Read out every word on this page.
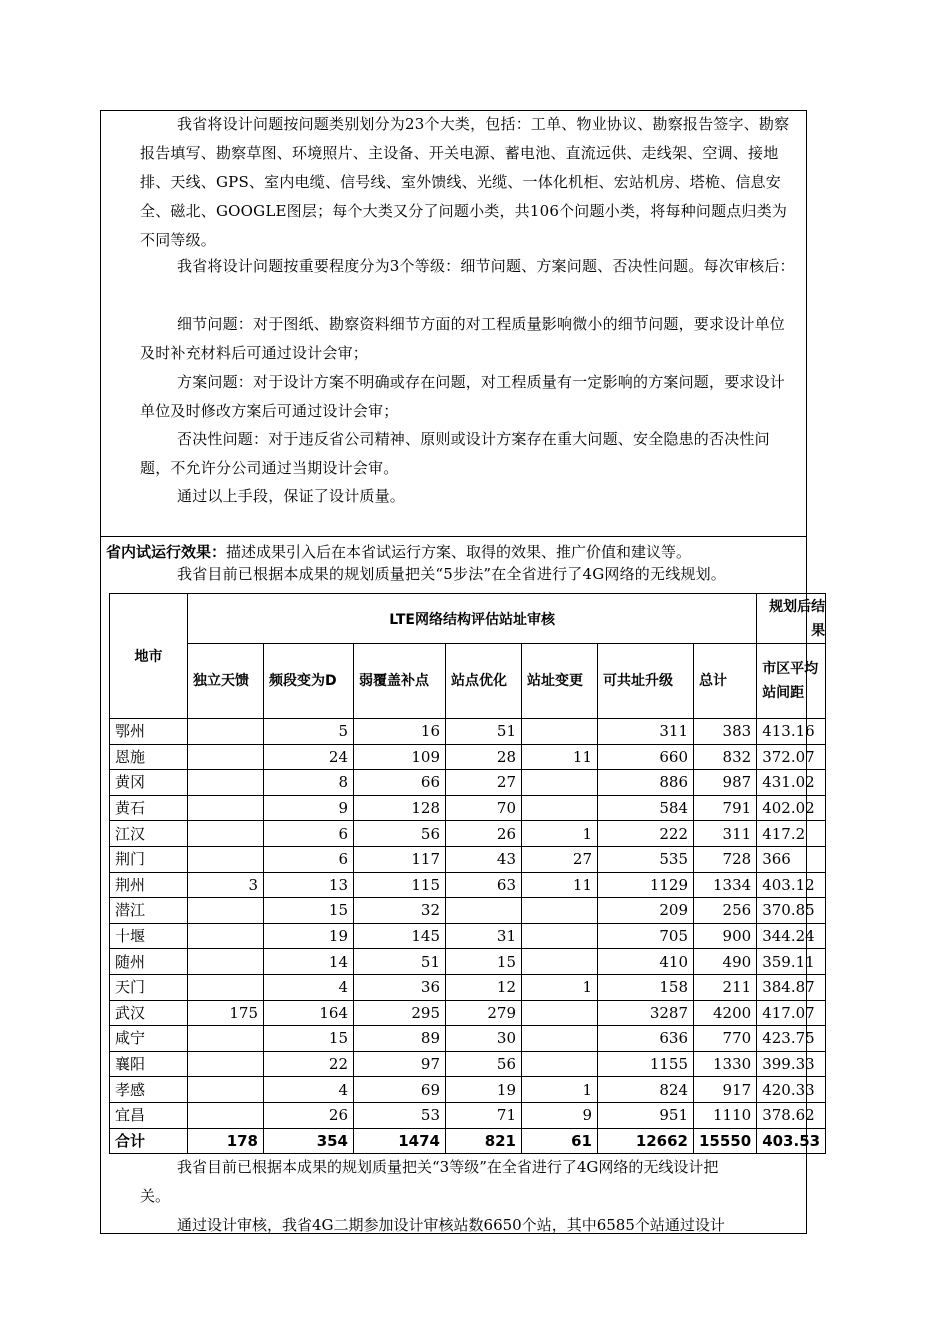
我省将设计问题按问题类别划分为23个大类，包括：工单、物业协议、勘察报告签字、勘察报告填写、勘察草图、环境照片、主设备、开关电源、蓄电池、直流远供、走线架、空调、接地排、天线、GPS、室内电缆、信号线、室外馈线、光缆、一体化机柜、宏站机房、塔桅、信息安全、磁北、GOOGLE图层；每个大类又分了问题小类，共106个问题小类，将每种问题点归类为不同等级。

我省将设计问题按重要程度分为3个等级：细节问题、方案问题、否决性问题。每次审核后：

细节问题：对于图纸、勘察资料细节方面的对工程质量影响微小的细节问题，要求设计单位及时补充材料后可通过设计会审；

方案问题：对于设计方案不明确或存在问题，对工程质量有一定影响的方案问题，要求设计单位及时修改方案后可通过设计会审；

否决性问题：对于违反省公司精神、原则或设计方案存在重大问题、安全隐患的否决性问题，不允许分公司通过当期设计会审。

通过以上手段，保证了设计质量。

省内试运行效果：描述成果引入后在本省试运行方案、取得的效果、推广价值和建议等。

我省目前已根据本成果的规划质量把关“5步法”在全省进行了4G网络的无线规划。

地市	LTE网络结构评估站址审核							规划后结果
	独立天馈	频段变为D	弱覆盖补点	站点优化	站址变更	可共址升级	总计	市区平均站间距
鄂州		5	16	51		311	383	413.16
恩施		24	109	28	11	660	832	372.07
黄冈		8	66	27		886	987	431.02
黄石		9	128	70		584	791	402.02
江汉		6	56	26	1	222	311	417.2
荆门		6	117	43	27	535	728	366
荆州	3	13	115	63	11	1129	1334	403.12
潜江		15	32			209	256	370.85
十堰		19	145	31		705	900	344.24
随州		14	51	15		410	490	359.11
天门		4	36	12	1	158	211	384.87
武汉	175	164	295	279		3287	4200	417.07
咸宁		15	89	30		636	770	423.75
襄阳		22	97	56		1155	1330	399.33
孝感		4	69	19	1	824	917	420.33
宜昌		26	53	71	9	951	1110	378.62
合计	178	354	1474	821	61	12662	15550	403.53

我省目前已根据本成果的规划质量把关“3等级”在全省进行了4G网络的无线设计把
关。

通过设计审核，我省4G二期参加设计审核站数6650个站，其中6585个站通过设计
